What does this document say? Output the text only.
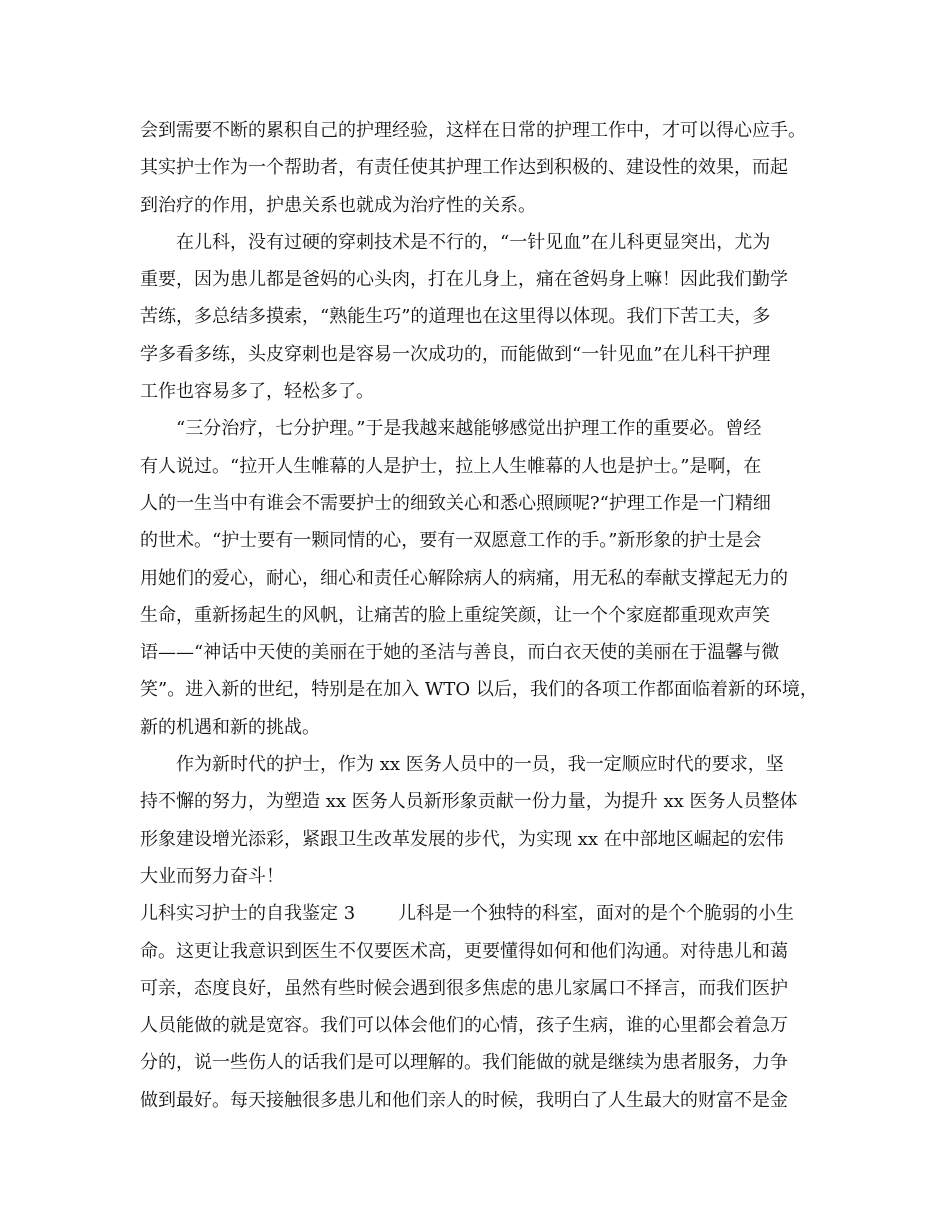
会到需要不断的累积自己的护理经验，这样在日常的护理工作中，才可以得心应手。
其实护士作为一个帮助者，有责任使其护理工作达到积极的、建设性的效果，而起
到治疗的作用，护患关系也就成为治疗性的关系。
在儿科，没有过硬的穿刺技术是不行的，“一针见血”在儿科更显突出，尤为
重要，因为患儿都是爸妈的心头肉，打在儿身上，痛在爸妈身上嘛！因此我们勤学
苦练，多总结多摸索，“熟能生巧”的道理也在这里得以体现。我们下苦工夫，多
学多看多练，头皮穿刺也是容易一次成功的，而能做到“一针见血”在儿科干护理
工作也容易多了，轻松多了。
“三分治疗，七分护理。”于是我越来越能够感觉出护理工作的重要必。曾经
有人说过。“拉开人生帷幕的人是护士，拉上人生帷幕的人也是护士。”是啊，在
人的一生当中有谁会不需要护士的细致关心和悉心照顾呢?“护理工作是一门精细
的世术。“护士要有一颗同情的心，要有一双愿意工作的手。”新形象的护士是会
用她们的爱心，耐心，细心和责任心解除病人的病痛，用无私的奉献支撑起无力的
生命，重新扬起生的风帆，让痛苦的脸上重绽笑颜，让一个个家庭都重现欢声笑
语——“神话中天使的美丽在于她的圣洁与善良，而白衣天使的美丽在于温馨与微
笑”。进入新的世纪，特别是在加入 WTO 以后，我们的各项工作都面临着新的环境，
新的机遇和新的挑战。
作为新时代的护士，作为 xx 医务人员中的一员，我一定顺应时代的要求，坚
持不懈的努力，为塑造 xx 医务人员新形象贡献一份力量，为提升 xx 医务人员整体
形象建设增光添彩，紧跟卫生改革发展的步代，为实现 xx 在中部地区崛起的宏伟
大业而努力奋斗！
儿科实习护士的自我鉴定 3 儿科是一个独特的科室，面对的是个个脆弱的小生
命。这更让我意识到医生不仅要医术高，更要懂得如何和他们沟通。对待患儿和蔼
可亲，态度良好，虽然有些时候会遇到很多焦虑的患儿家属口不择言，而我们医护
人员能做的就是宽容。我们可以体会他们的心情，孩子生病，谁的心里都会着急万
分的，说一些伤人的话我们是可以理解的。我们能做的就是继续为患者服务，力争
做到最好。每天接触很多患儿和他们亲人的时候，我明白了人生最大的财富不是金
